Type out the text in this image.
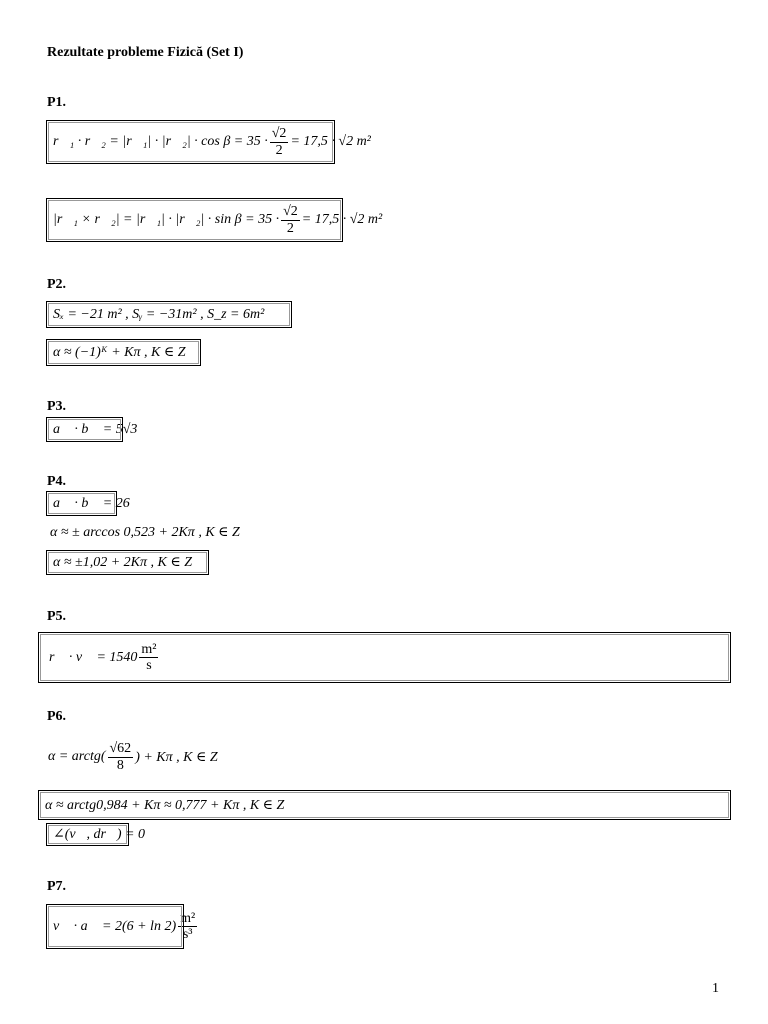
Rezultate probleme Fizică (Set I)
P1.
r⃗₁ · r⃗₂ = |r⃗₁| · |r⃗₂| · $\cos \beta = 35 \cdot \frac{√2}{2} = 17,5 \cdot √2$ m²
|r⃗₁ × r⃗₂| = |r⃗₁| · |r⃗₂| · $\sin \beta = 35 \cdot \frac{√2}{2} = 17,5 \cdot √2$ m²
P2.
Sₓ = −21 m² , Sᵧ = −31m² , S_z = 6m²
α ≈ (−1)ᴷ + Kπ , K ∈ Z
P3.
a⃗ · b⃗ = 5√3
P4.
a⃗ · b⃗ = 26
α ≈ ± arccos 0,523 + 2Kπ , K ∈ Z
α ≈ ±1,02 + 2Kπ , K ∈ Z
P5.
r⃗ · v⃗ = $1540 \frac{\text{m²}}{s}$
P6.
α = arctg( $\frac{√62}{8}$ ) + Kπ , K ∈ Z
α ≈ arctg0,984 + Kπ ≈ 0,777 + Kπ , K ∈ Z
∠(v⃗, dr⃗) = 0
P7.
v⃗ · a⃗ = $2(6 + \ln 2) \frac{\text{m²}}{\text{s³}}$
1
